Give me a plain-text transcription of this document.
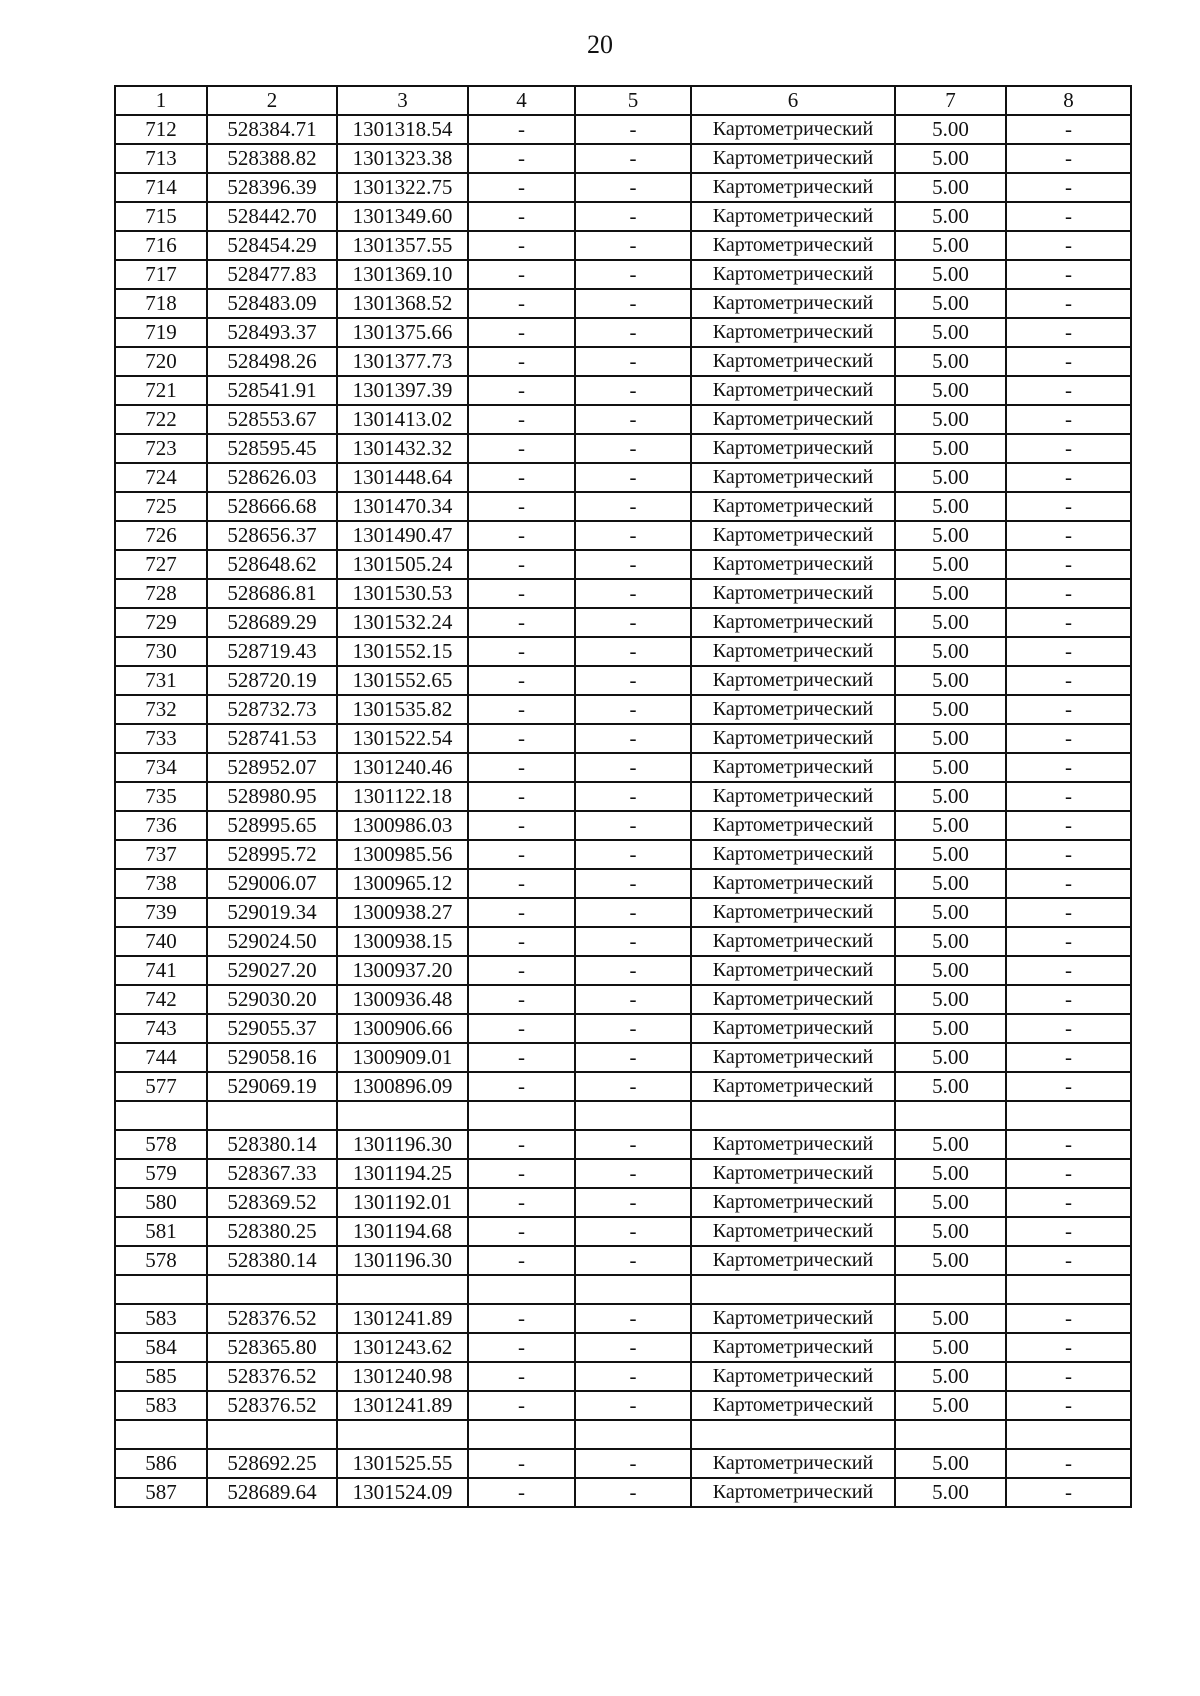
20
1	2	3	4	5	6	7	8
712	528384.71	1301318.54	-	-	Картометрический	5.00	-
713	528388.82	1301323.38	-	-	Картометрический	5.00	-
714	528396.39	1301322.75	-	-	Картометрический	5.00	-
715	528442.70	1301349.60	-	-	Картометрический	5.00	-
716	528454.29	1301357.55	-	-	Картометрический	5.00	-
717	528477.83	1301369.10	-	-	Картометрический	5.00	-
718	528483.09	1301368.52	-	-	Картометрический	5.00	-
719	528493.37	1301375.66	-	-	Картометрический	5.00	-
720	528498.26	1301377.73	-	-	Картометрический	5.00	-
721	528541.91	1301397.39	-	-	Картометрический	5.00	-
722	528553.67	1301413.02	-	-	Картометрический	5.00	-
723	528595.45	1301432.32	-	-	Картометрический	5.00	-
724	528626.03	1301448.64	-	-	Картометрический	5.00	-
725	528666.68	1301470.34	-	-	Картометрический	5.00	-
726	528656.37	1301490.47	-	-	Картометрический	5.00	-
727	528648.62	1301505.24	-	-	Картометрический	5.00	-
728	528686.81	1301530.53	-	-	Картометрический	5.00	-
729	528689.29	1301532.24	-	-	Картометрический	5.00	-
730	528719.43	1301552.15	-	-	Картометрический	5.00	-
731	528720.19	1301552.65	-	-	Картометрический	5.00	-
732	528732.73	1301535.82	-	-	Картометрический	5.00	-
733	528741.53	1301522.54	-	-	Картометрический	5.00	-
734	528952.07	1301240.46	-	-	Картометрический	5.00	-
735	528980.95	1301122.18	-	-	Картометрический	5.00	-
736	528995.65	1300986.03	-	-	Картометрический	5.00	-
737	528995.72	1300985.56	-	-	Картометрический	5.00	-
738	529006.07	1300965.12	-	-	Картометрический	5.00	-
739	529019.34	1300938.27	-	-	Картометрический	5.00	-
740	529024.50	1300938.15	-	-	Картометрический	5.00	-
741	529027.20	1300937.20	-	-	Картометрический	5.00	-
742	529030.20	1300936.48	-	-	Картометрический	5.00	-
743	529055.37	1300906.66	-	-	Картометрический	5.00	-
744	529058.16	1300909.01	-	-	Картометрический	5.00	-
577	529069.19	1300896.09	-	-	Картометрический	5.00	-

578	528380.14	1301196.30	-	-	Картометрический	5.00	-
579	528367.33	1301194.25	-	-	Картометрический	5.00	-
580	528369.52	1301192.01	-	-	Картометрический	5.00	-
581	528380.25	1301194.68	-	-	Картометрический	5.00	-
578	528380.14	1301196.30	-	-	Картометрический	5.00	-

583	528376.52	1301241.89	-	-	Картометрический	5.00	-
584	528365.80	1301243.62	-	-	Картометрический	5.00	-
585	528376.52	1301240.98	-	-	Картометрический	5.00	-
583	528376.52	1301241.89	-	-	Картометрический	5.00	-

586	528692.25	1301525.55	-	-	Картометрический	5.00	-
587	528689.64	1301524.09	-	-	Картометрический	5.00	-
